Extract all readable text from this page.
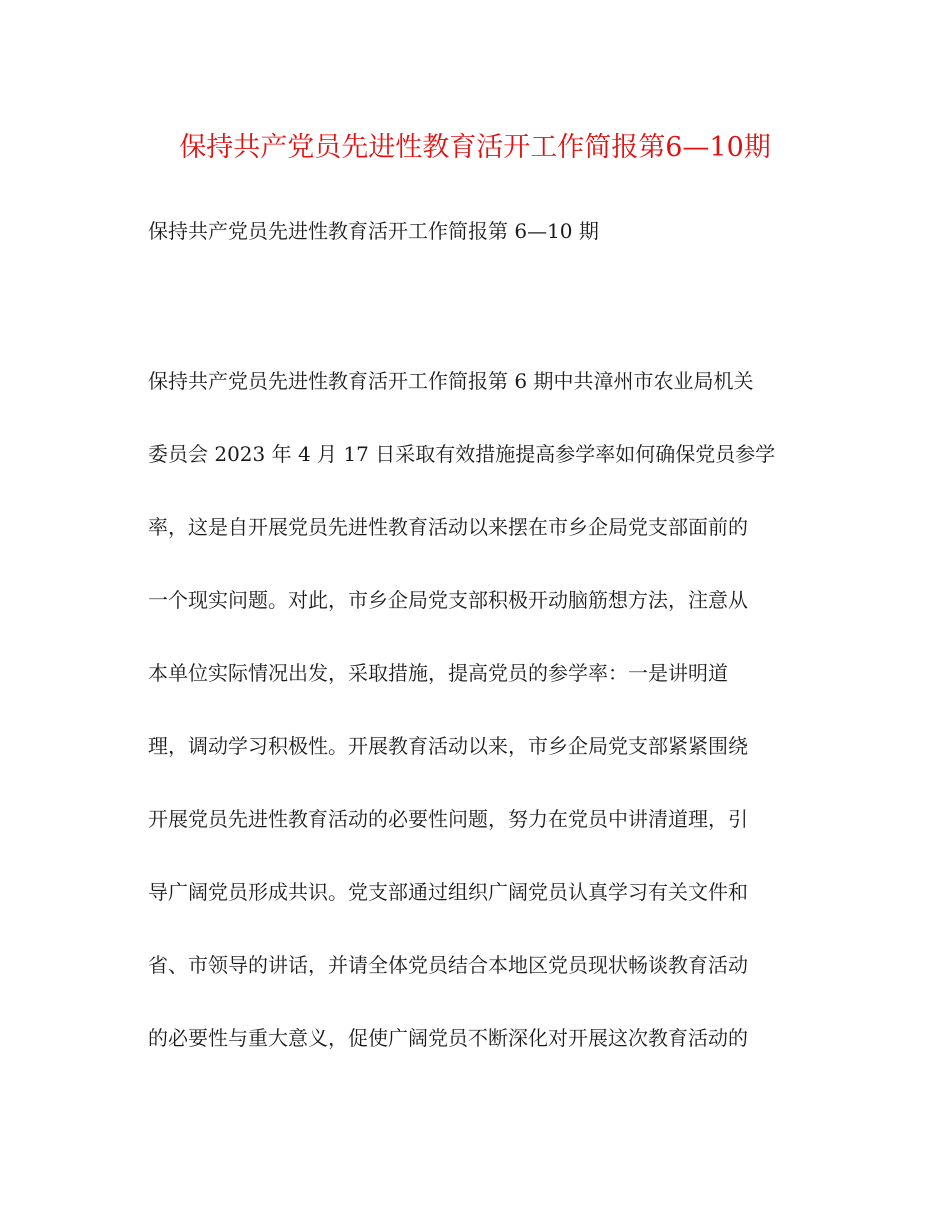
保持共产党员先进性教育活开工作简报第6—10期
保持共产党员先进性教育活开工作简报第 6—10 期
保持共产党员先进性教育活开工作简报第 6 期中共漳州市农业局机关
委员会 2023 年 4 月 17 日采取有效措施提高参学率如何确保党员参学
率，这是自开展党员先进性教育活动以来摆在市乡企局党支部面前的
一个现实问题。对此，市乡企局党支部积极开动脑筋想方法，注意从
本单位实际情况出发，采取措施，提高党员的参学率：一是讲明道
理，调动学习积极性。开展教育活动以来，市乡企局党支部紧紧围绕
开展党员先进性教育活动的必要性问题，努力在党员中讲清道理，引
导广阔党员形成共识。党支部通过组织广阔党员认真学习有关文件和
省、市领导的讲话，并请全体党员结合本地区党员现状畅谈教育活动
的必要性与重大意义，促使广阔党员不断深化对开展这次教育活动的
